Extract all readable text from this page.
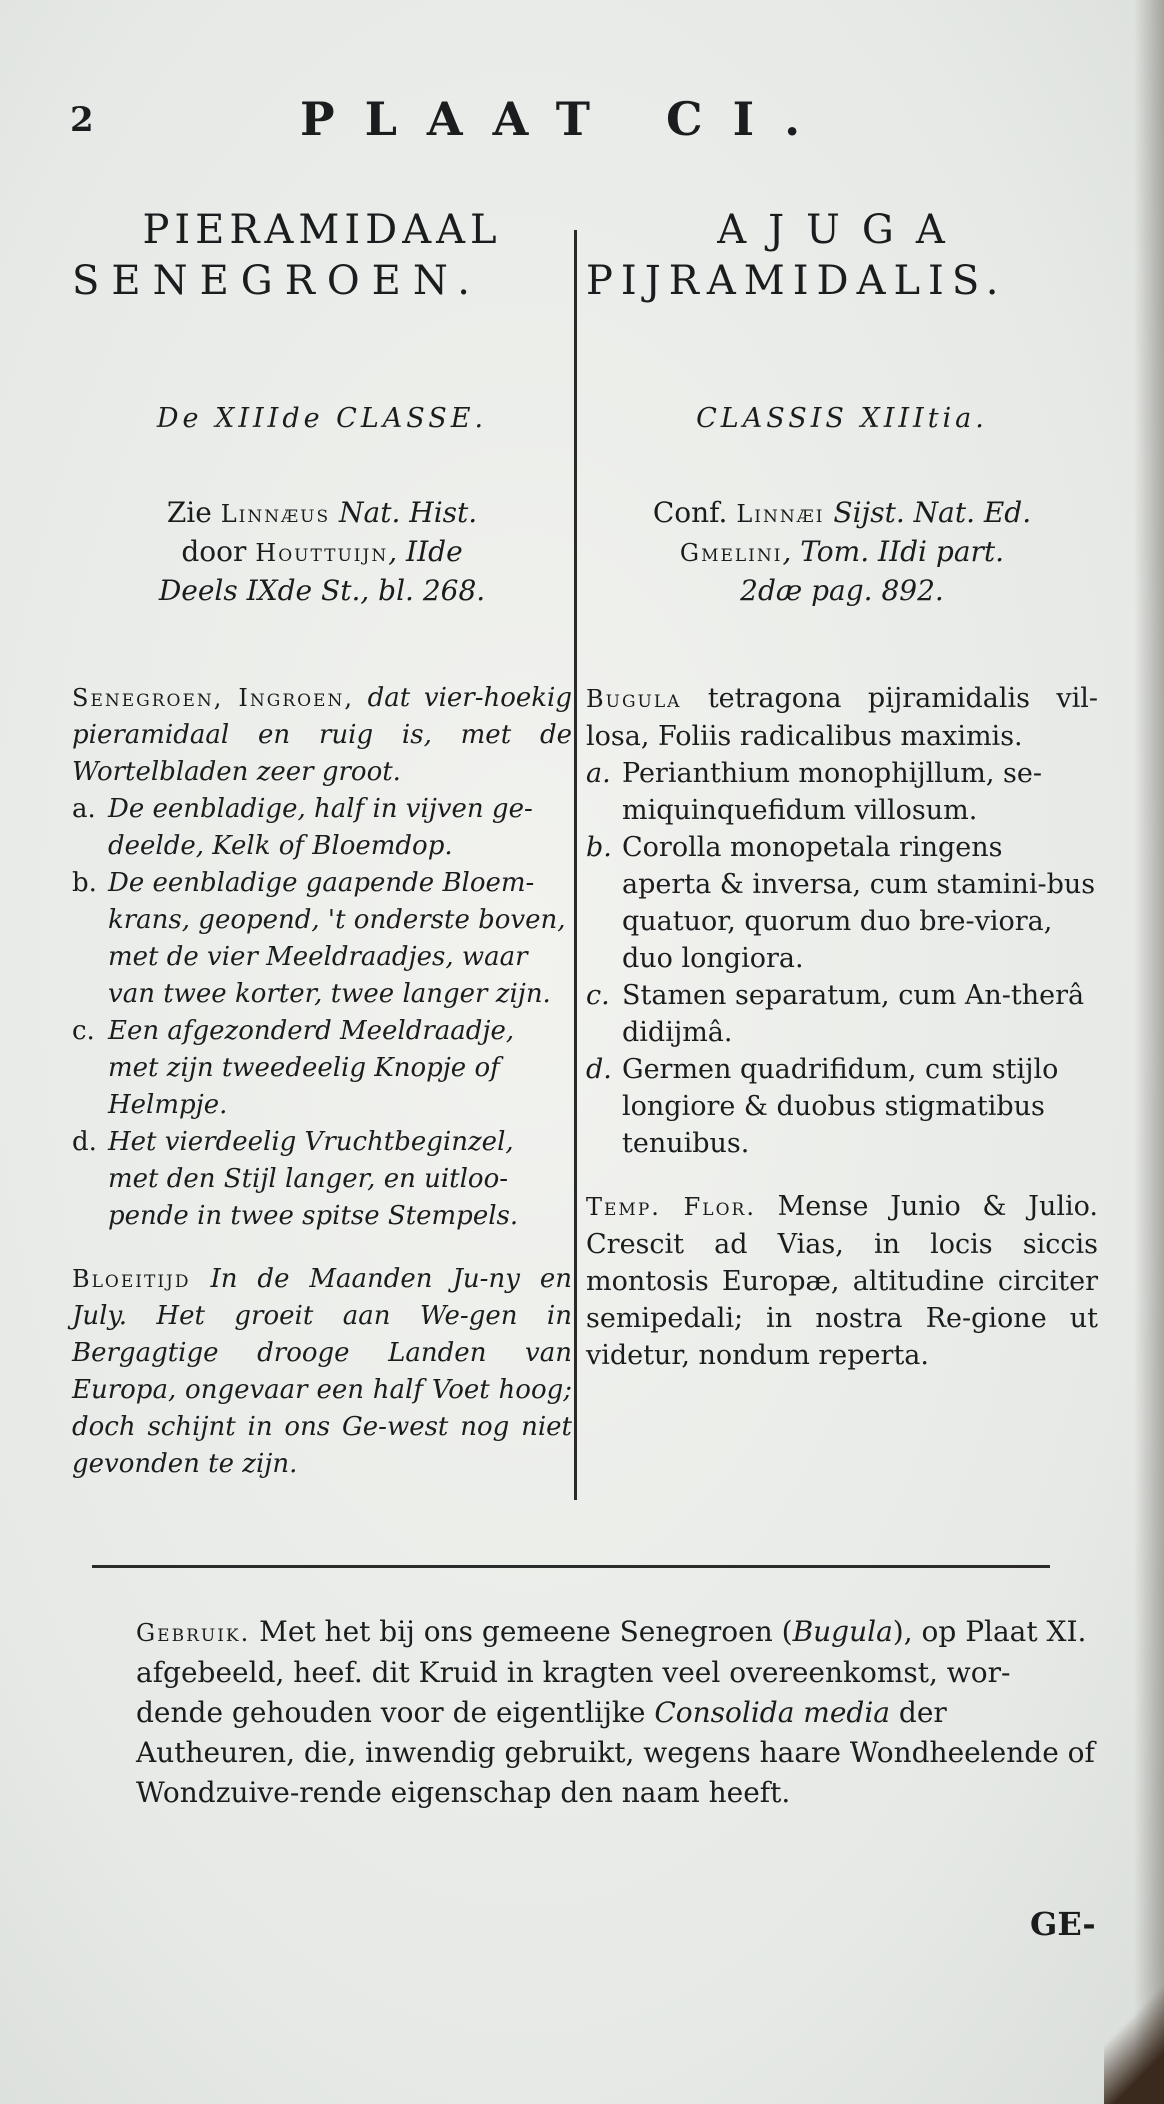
2	PLAAT CI.
PIERAMIDAAL
SENEGROEN.
De XIIIde CLASSE.
Zie Linnæus Nat. Hist.
door Houttuijn, IIde
Deels IXde St., bl. 268.
Senegroen, Ingroen, dat vier-hoekig pieramidaal en ruig is, met de Wortelbladen zeer groot.
a. De eenbladige, half in vijven ge-deelde, Kelk of Bloemdop.
b. De eenbladige gaapende Bloem-krans, geopend, 't onderste boven, met de vier Meeldraadjes, waar van twee korter, twee langer zijn.
c. Een afgezonderd Meeldraadje, met zijn tweedeelig Knopje of Helmpje.
d. Het vierdeelig Vruchtbeginzel, met den Stijl langer, en uitloo-pende in twee spitse Stempels.
Bloeitijd In de Maanden Ju-ny en July. Het groeit aan We-gen in Bergagtige drooge Landen van Europa, ongevaar een half Voet hoog; doch schijnt in ons Ge-west nog niet gevonden te zijn.
AJUGA
PIJRAMIDALIS.
CLASSIS XIIItia.
Conf. Linnæi Sijst. Nat. Ed.
Gmelini, Tom. IIdi part.
2dæ pag. 892.
Bugula tetragona pijramidalis vil-losa, Foliis radicalibus maximis.
a. Perianthium monophijllum, se-miquinquefidum villosum.
b. Corolla monopetala ringens aperta & inversa, cum stamini-bus quatuor, quorum duo bre-viora, duo longiora.
c. Stamen separatum, cum An-therâ didijmâ.
d. Germen quadrifidum, cum stijlo longiore & duobus stigmatibus tenuibus.
Temp. Flor. Mense Junio & Julio. Crescit ad Vias, in locis siccis montosis Europæ, altitudine circiter semipedali; in nostra Re-gione ut videtur, nondum reperta.
Gebruik. Met het bij ons gemeene Senegroen (Bugula), op Plaat XI. afgebeeld, heef. dit Kruid in kragten veel overeenkomst, wor-dende gehouden voor de eigentlijke Consolida media der Autheuren, die, inwendig gebruikt, wegens haare Wondheelende of Wondzuive-rende eigenschap den naam heeft.
GE-
